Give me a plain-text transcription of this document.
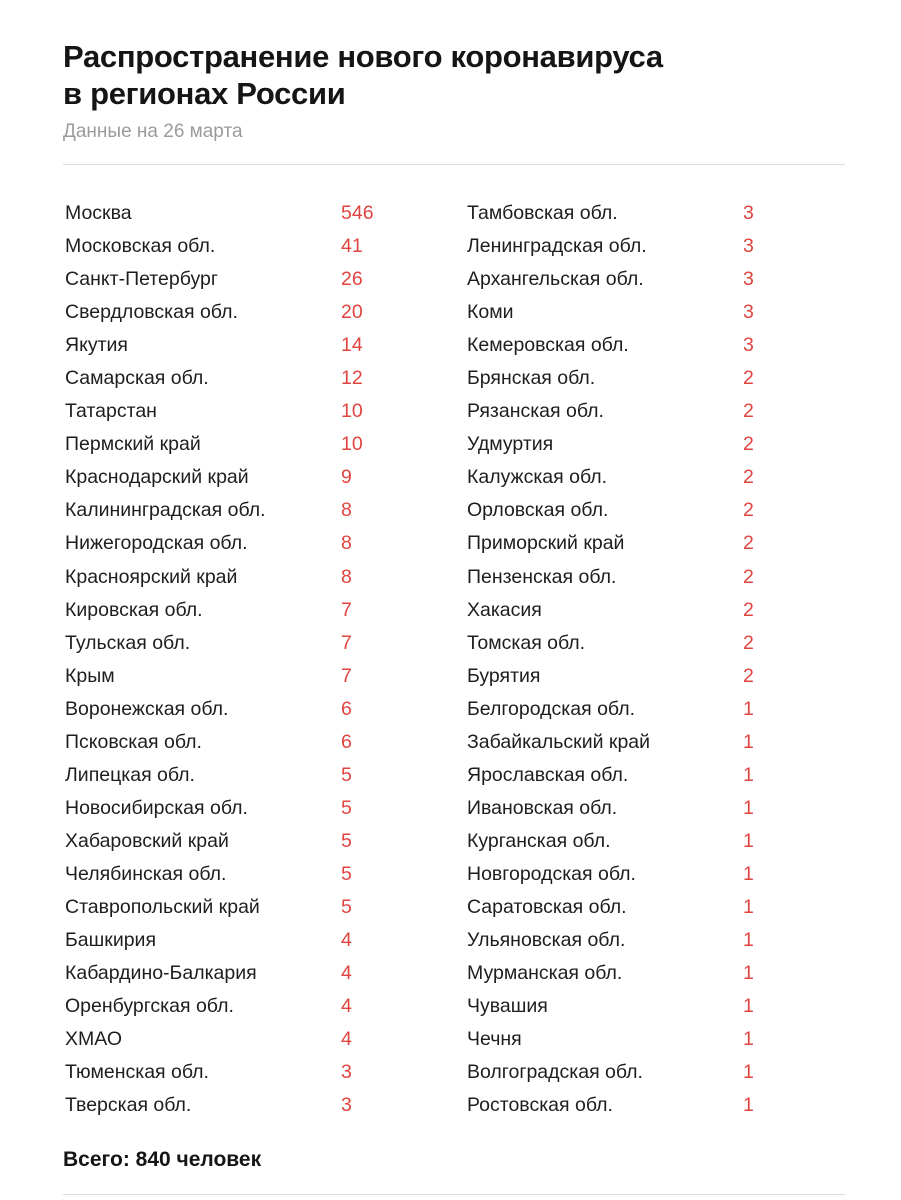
Распространение нового коронавируса
в регионах России
Данные на 26 марта
Москва	546
Московская обл.	41
Санкт-Петербург	26
Свердловская обл.	20
Якутия	14
Самарская обл.	12
Татарстан	10
Пермский край	10
Краснодарский край	9
Калининградская обл.	8
Нижегородская обл.	8
Красноярский край	8
Кировская обл.	7
Тульская обл.	7
Крым	7
Воронежская обл.	6
Псковская обл.	6
Липецкая обл.	5
Новосибирская обл.	5
Хабаровский край	5
Челябинская обл.	5
Ставропольский край	5
Башкирия	4
Кабардино-Балкария	4
Оренбургская обл.	4
ХМАО	4
Тюменская обл.	3
Тверская обл.	3
Тамбовская обл.	3
Ленинградская обл.	3
Архангельская обл.	3
Коми	3
Кемеровская обл.	3
Брянская обл.	2
Рязанская обл.	2
Удмуртия	2
Калужская обл.	2
Орловская обл.	2
Приморский край	2
Пензенская обл.	2
Хакасия	2
Томская обл.	2
Бурятия	2
Белгородская обл.	1
Забайкальский край	1
Ярославская обл.	1
Ивановская обл.	1
Курганская обл.	1
Новгородская обл.	1
Саратовская обл.	1
Ульяновская обл.	1
Мурманская обл.	1
Чувашия	1
Чечня	1
Волгоградская обл.	1
Ростовская обл.	1
Всего: 840 человек
